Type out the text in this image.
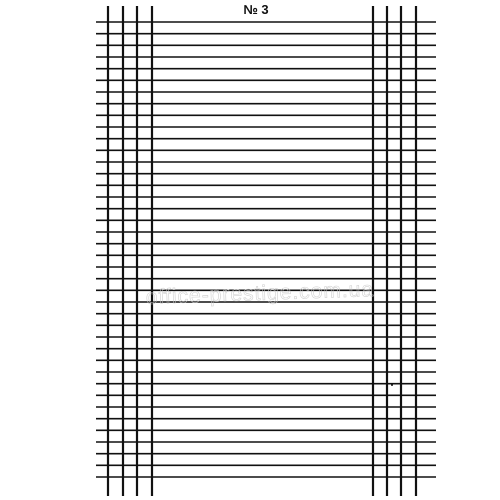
№ 3
office-prestige.com.ua
